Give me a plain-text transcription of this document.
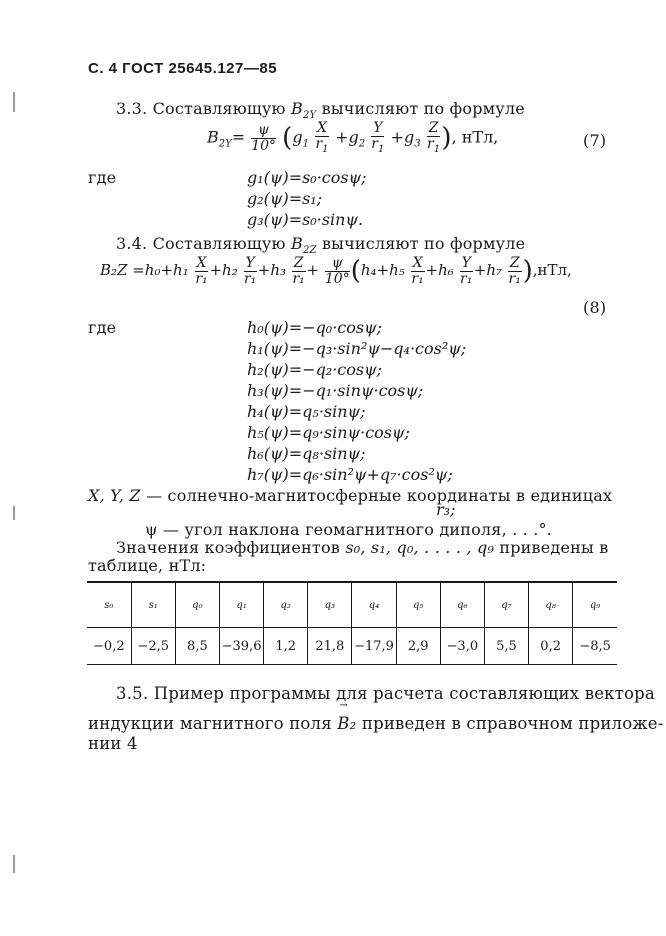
С. 4 ГОСТ 25645.127—85
3.3. Составляющую $B_{2Y}$ вычисляют по формуле
$B_{2Y}= \frac{\psi}{10^\circ} (g_1 \frac{X}{r_1} +g_2 \frac{Y}{r_1} +g_3 \frac{Z}{r_1}$ ), нТл,	(7)
где	g₁(ψ)=s₀·cosψ;
g₂(ψ)=s₁;
g₃(ψ)=s₀·sinψ.
3.4. Составляющую $B_{2Z}$ вычисляют по формуле
$B_2Z =h_0+h_1 \frac{X}{\text{r₁}} +h_2 \frac{Y}{\text{r₁}} +h_3 \frac{Z}{\text{r₁}} + \frac{\psi}{10^\circ} (h_4+h_5 \frac{X}{\text{r₁}} +h_6 \frac{Y}{\text{r₁}} +h_7 \frac{Z}{\text{r₁}} ),нТл$,
(8)
где	h₀(ψ)=−q₀·cosψ;
h₁(ψ)=−q₃·sin²ψ−q₄·cos²ψ;
h₂(ψ)=−q₂·cosψ;
h₃(ψ)=−q₁·sinψ·cosψ;
h₄(ψ)=q₅·sinψ;
h₅(ψ)=q₉·sinψ·cosψ;
h₆(ψ)=q₈·sinψ;
h₇(ψ)=q₆·sin²ψ+q₇·cos²ψ;
X, Y, Z — солнечно-магнитосферные координаты в единицах
r₃;
ψ — угол наклона геомагнитного диполя, . . .°.
Значения коэффициентов s₀, s₁, q₀, . . . . , q₉ приведены в
таблице, нТл:
s₀	s₁	q₀	q₁	q₂	q₃	q₄	q₅	q₆	q₇	q₈	q₉
−0,2	−2,5	8,5	−39,6	1,2	21,8	−17,9	2,9	−3,0	5,5	0,2	−8,5
3.5. Пример программы для расчета составляющих вектора
индукции магнитного поля
→
B₂ приведен в справочном приложе-
нии 4
